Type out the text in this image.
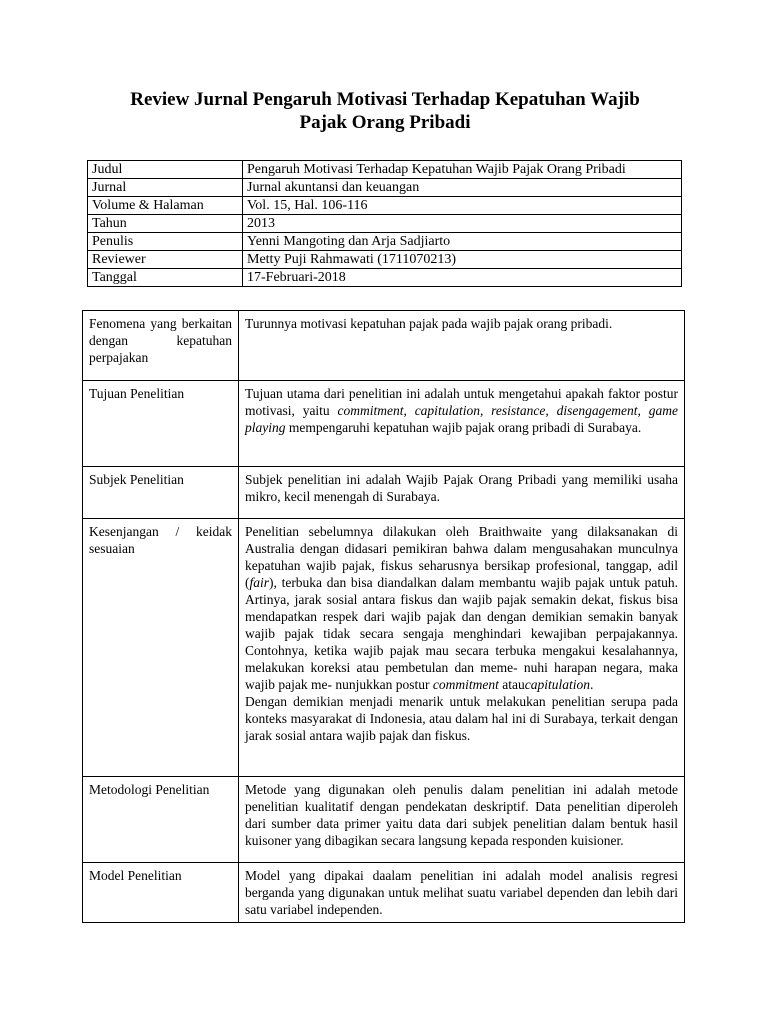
Review Jurnal Pengaruh Motivasi Terhadap Kepatuhan Wajib
Pajak Orang Pribadi
Judul	Pengaruh Motivasi Terhadap Kepatuhan Wajib Pajak Orang Pribadi
Jurnal	Jurnal akuntansi dan keuangan
Volume & Halaman	Vol. 15, Hal. 106-116
Tahun	2013
Penulis	Yenni Mangoting dan Arja Sadjiarto
Reviewer	Metty Puji Rahmawati (1711070213)
Tanggal	17-Februari-2018
Fenomena yang berkaitan dengan kepatuhan perpajakan	Turunnya motivasi kepatuhan pajak pada wajib pajak orang pribadi.
Tujuan Penelitian	Tujuan utama dari penelitian ini adalah untuk mengetahui apakah faktor postur motivasi, yaitu commitment, capitulation, resistance, disengagement, game playing mempengaruhi kepatuhan wajib pajak orang pribadi di Surabaya.
Subjek Penelitian	Subjek penelitian ini adalah Wajib Pajak Orang Pribadi yang memiliki usaha mikro, kecil menengah di Surabaya.
Kesenjangan / keidak sesuaian	Penelitian sebelumnya dilakukan oleh Braithwaite yang dilaksanakan di Australia dengan didasari pemikiran bahwa dalam mengusahakan munculnya kepatuhan wajib pajak, fiskus seharusnya bersikap profesional, tanggap, adil (fair), terbuka dan bisa diandalkan dalam membantu wajib pajak untuk patuh. Artinya, jarak sosial antara fiskus dan wajib pajak semakin dekat, fiskus bisa mendapatkan respek dari wajib pajak dan dengan demikian semakin banyak wajib pajak tidak secara sengaja menghindari kewajiban perpajakannya. Contohnya, ketika wajib pajak mau secara terbuka mengakui kesalahannya, melakukan koreksi atau pembetulan dan meme- nuhi harapan negara, maka wajib pajak me- nunjukkan postur commitment ataucapitulation.

Dengan demikian menjadi menarik untuk melakukan penelitian serupa pada konteks masyarakat di Indonesia, atau dalam hal ini di Surabaya, terkait dengan jarak sosial antara wajib pajak dan fiskus.

Metodologi Penelitian	Metode yang digunakan oleh penulis dalam penelitian ini adalah metode penelitian kualitatif dengan pendekatan deskriptif. Data penelitian diperoleh dari sumber data primer yaitu data dari subjek penelitian dalam bentuk hasil kuisoner yang dibagikan secara langsung kepada responden kuisioner.
Model Penelitian	Model yang dipakai daalam penelitian ini adalah model analisis regresi berganda yang digunakan untuk melihat suatu variabel dependen dan lebih dari satu variabel independen.
